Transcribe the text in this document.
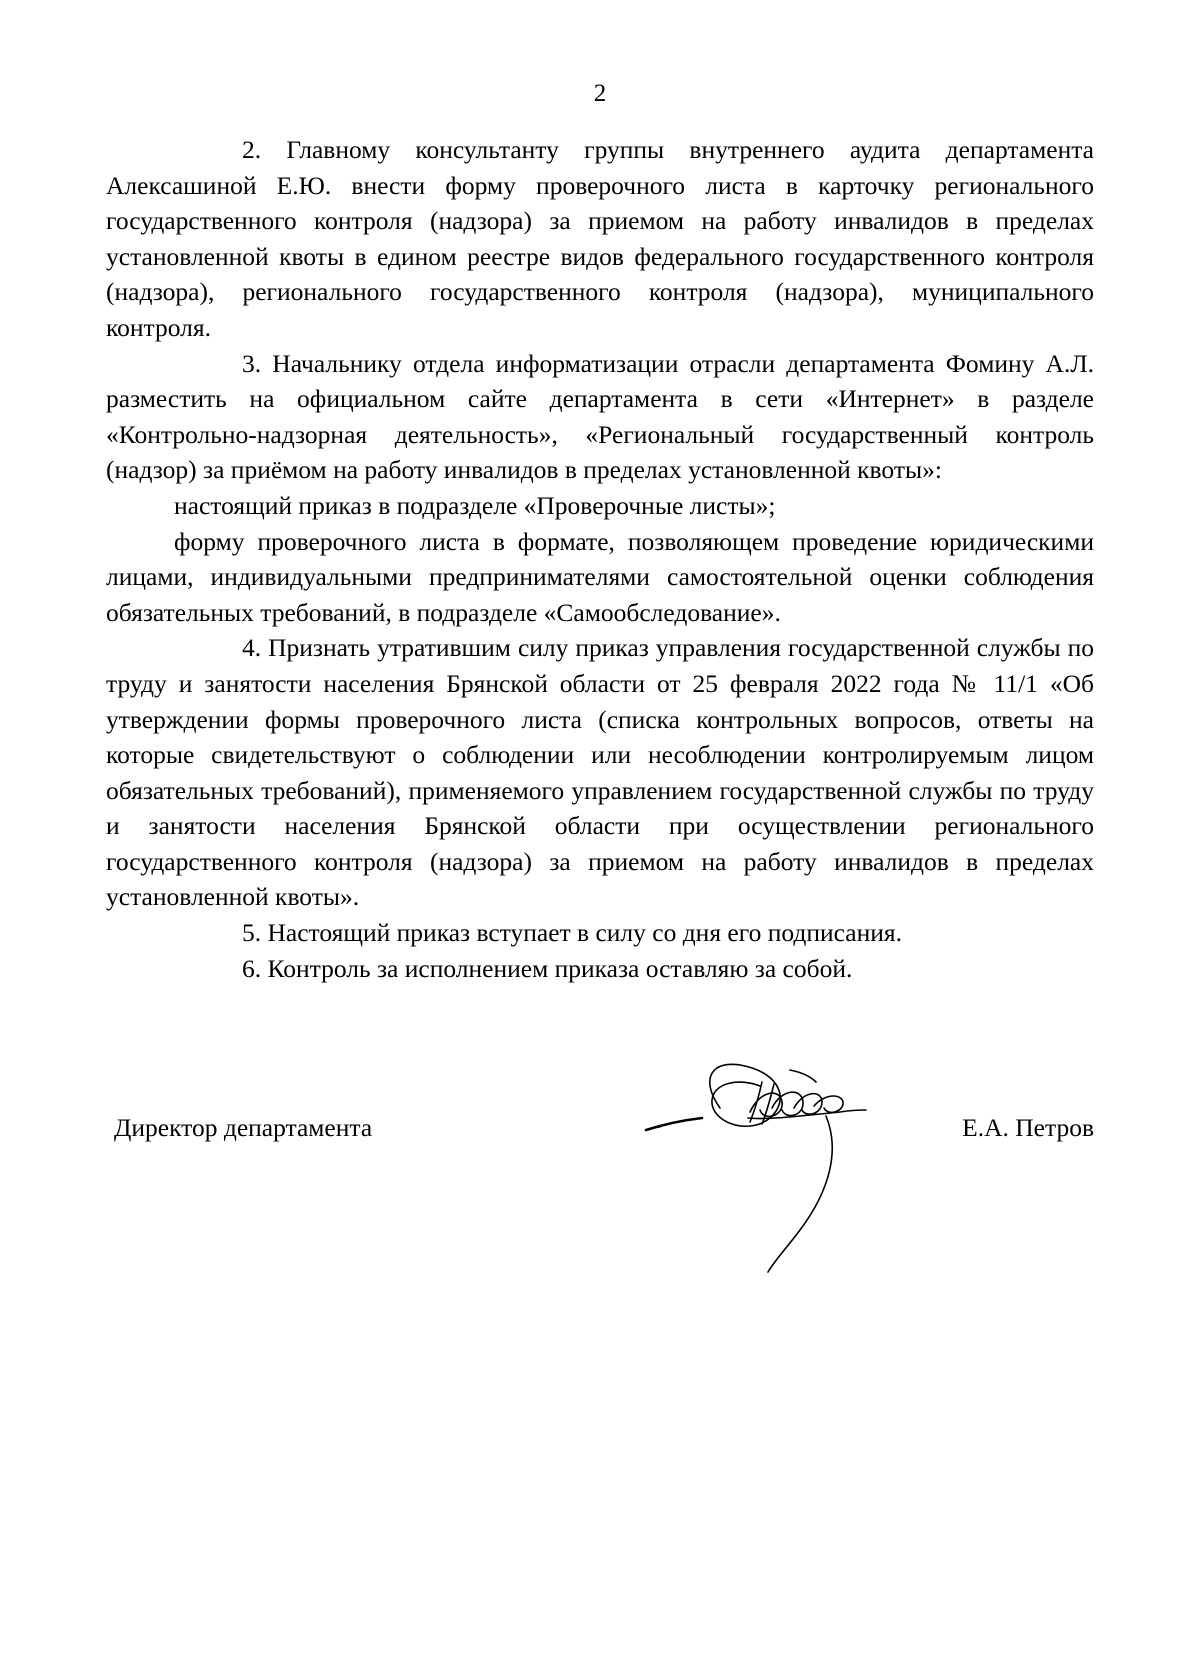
2

2. Главному консультанту группы внутреннего аудита департамента Алексашиной Е.Ю. внести форму проверочного листа в карточку регионального государственного контроля (надзора) за приемом на работу инвалидов в пределах установленной квоты в едином реестре видов федерального государственного контроля (надзора), регионального государственного контроля (надзора), муниципального контроля.

3. Начальнику отдела информатизации отрасли департамента Фомину А.Л. разместить на официальном сайте департамента в сети «Интернет» в разделе «Контрольно-надзорная деятельность», «Региональный государственный контроль (надзор) за приёмом на работу инвалидов в пределах установленной квоты»:

настоящий приказ в подразделе «Проверочные листы»;

форму проверочного листа в формате, позволяющем проведение юридическими лицами, индивидуальными предпринимателями самостоятельной оценки соблюдения обязательных требований, в подразделе «Самообследование».

4. Признать утратившим силу приказ управления государственной службы по труду и занятости населения Брянской области от 25 февраля 2022 года № 11/1 «Об утверждении формы проверочного листа (списка контрольных вопросов, ответы на которые свидетельствуют о соблюдении или несоблюдении контролируемым лицом обязательных требований), применяемого управлением государственной службы по труду и занятости населения Брянской области при осуществлении регионального государственного контроля (надзора) за приемом на работу инвалидов в пределах установленной квоты».

5. Настоящий приказ вступает в силу со дня его подписания.

6. Контроль за исполнением приказа оставляю за собой.

Директор департамента	Е.А. Петров
